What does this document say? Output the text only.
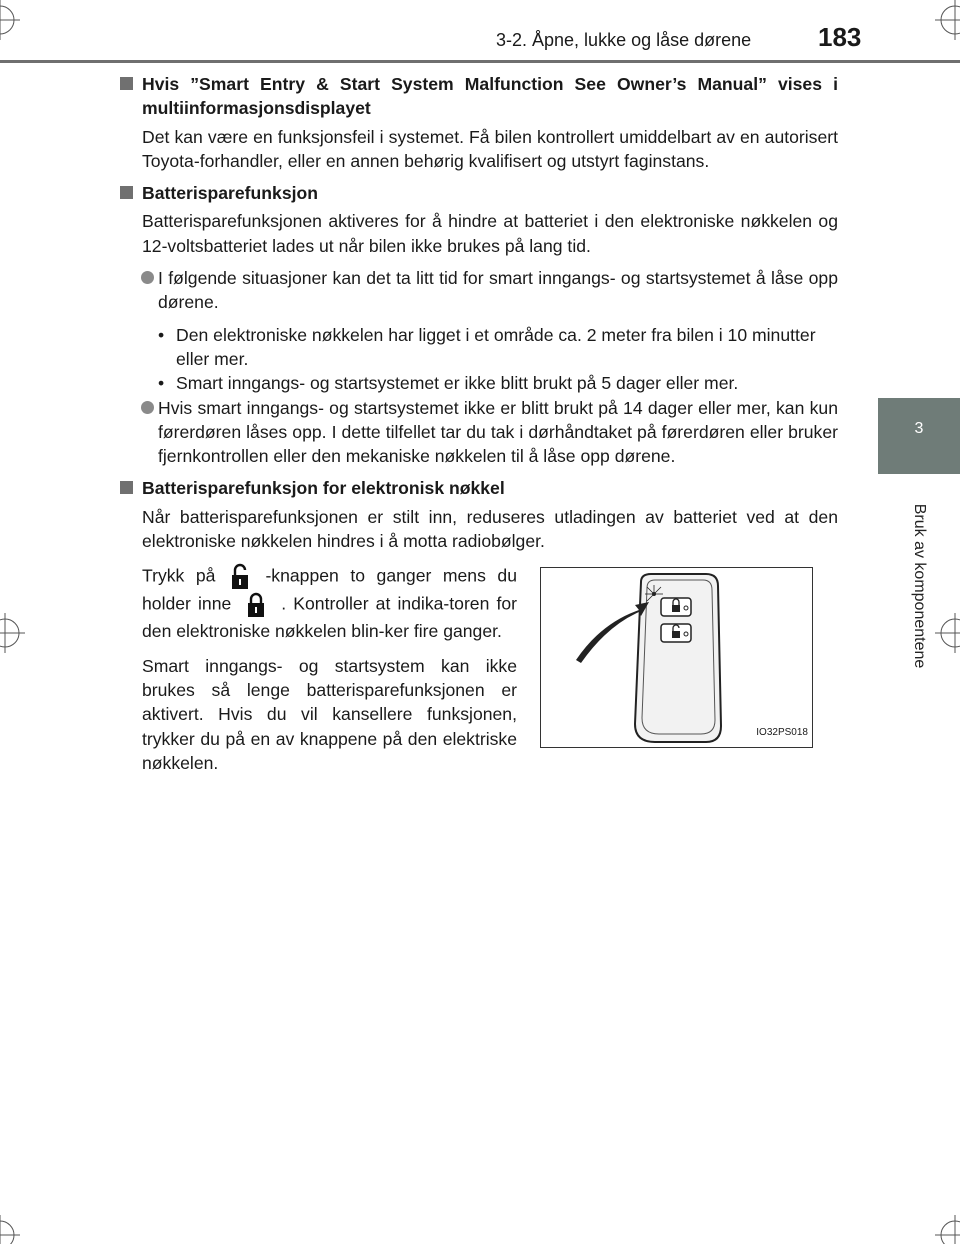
3-2. Åpne, lukke og låse dørene	183
3
Bruk av komponentene
Hvis ”Smart Entry & Start System Malfunction See Owner’s Manual” vises i multiinformasjonsdisplayet
Det kan være en funksjonsfeil i systemet. Få bilen kontrollert umiddelbart av en autorisert Toyota-forhandler, eller en annen behørig kvalifisert og utstyrt faginstans.
Batterisparefunksjon
Batterisparefunksjonen aktiveres for å hindre at batteriet i den elektroniske nøkkelen og 12-voltsbatteriet lades ut når bilen ikke brukes på lang tid.
I følgende situasjoner kan det ta litt tid for smart inngangs- og startsystemet å låse opp dørene.
• Den elektroniske nøkkelen har ligget i et område ca. 2 meter fra bilen i 10 minutter eller mer.
• Smart inngangs- og startsystemet er ikke blitt brukt på 5 dager eller mer.
Hvis smart inngangs- og startsystemet ikke er blitt brukt på 14 dager eller mer, kan kun førerdøren låses opp. I dette tilfellet tar du tak i dørhåndtaket på førerdøren eller bruker fjernkontrollen eller den mekaniske nøkkelen til å låse opp dørene.
Batterisparefunksjon for elektronisk nøkkel
Når batterisparefunksjonen er stilt inn, reduseres utladingen av batteriet ved at den elektroniske nøkkelen hindres i å motta radiobølger.
Trykk på	-knappen to ganger mens du holder inne	. Kontroller at indika-toren for den elektroniske nøkkelen blin-ker fire ganger.
Smart inngangs- og startsystem kan ikke brukes så lenge batterisparefunksjonen er aktivert. Hvis du vil kansellere funksjonen, trykker du på en av knappene på den elektriske nøkkelen.
IO32PS018
